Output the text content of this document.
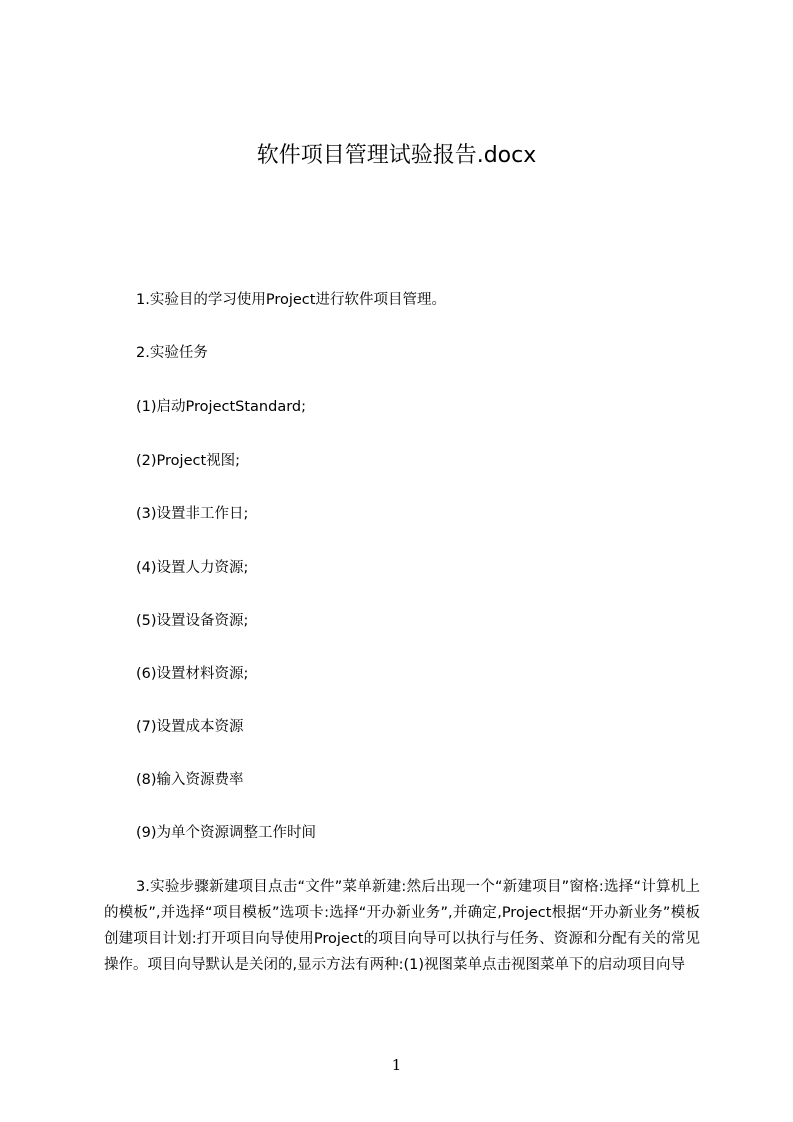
软件项目管理试验报告.docx
1.实验目的学习使用Project进行软件项目管理。
2.实验任务
(1)启动ProjectStandard;
(2)Project视图;
(3)设置非工作日;
(4)设置人力资源;
(5)设置设备资源;
(6)设置材料资源;
(7)设置成本资源
(8)输入资源费率
(9)为单个资源调整工作时间
3.实验步骤新建项目点击“文件”菜单新建:然后出现一个“新建项目”窗格:选择“计算机上的模板”,并选择“项目模板”选项卡:选择“开办新业务”,并确定,Project根据“开办新业务”模板创建项目计划:打开项目向导使用Project的项目向导可以执行与任务、资源和分配有关的常见操作。项目向导默认是关闭的,显示方法有两种:(1)视图菜单点击视图菜单下的启动项目向导
1
